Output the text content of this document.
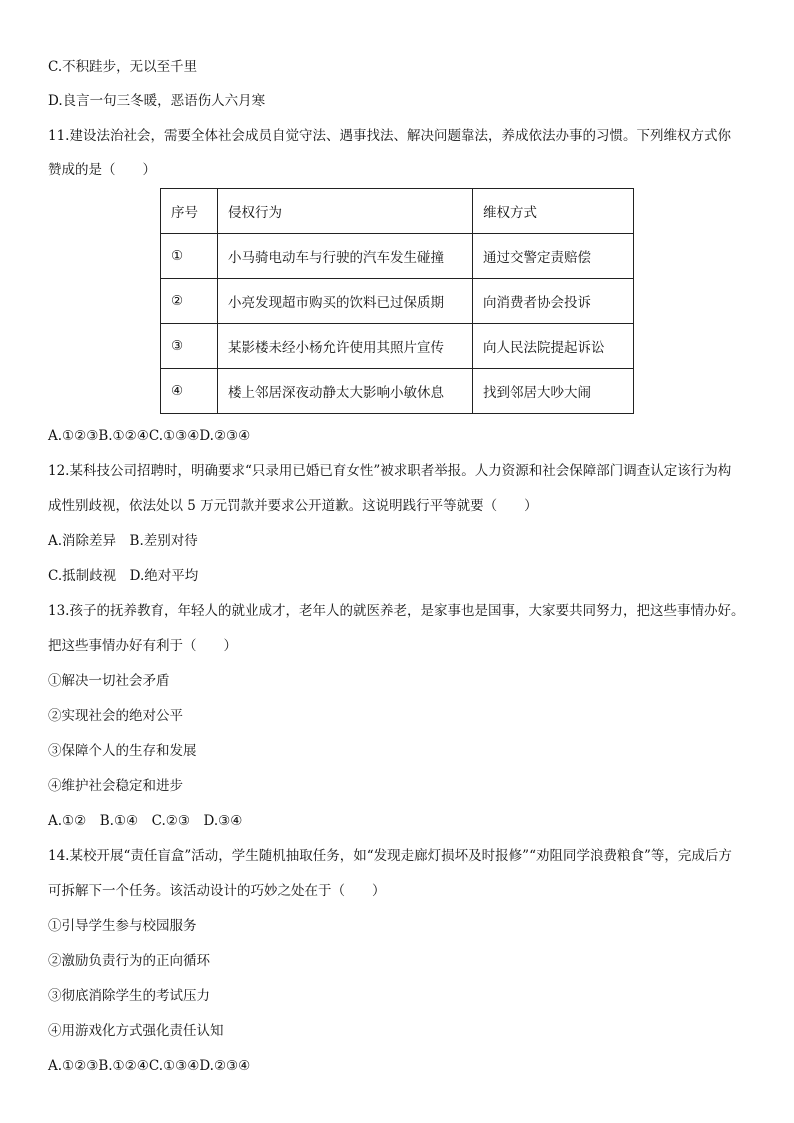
C.不积跬步，无以至千里
D.良言一句三冬暖，恶语伤人六月寒
11.建设法治社会，需要全体社会成员自觉守法、遇事找法、解决问题靠法，养成依法办事的习惯。下列维权方式你
赞成的是（　　）
序号	侵权行为	维权方式
①	小马骑电动车与行驶的汽车发生碰撞	通过交警定责赔偿
②	小亮发现超市购买的饮料已过保质期	向消费者协会投诉
③	某影楼未经小杨允许使用其照片宣传	向人民法院提起诉讼
④	楼上邻居深夜动静太大影响小敏休息	找到邻居大吵大闹
A.①②③B.①②④C.①③④D.②③④
12.某科技公司招聘时，明确要求“只录用已婚已育女性”被求职者举报。人力资源和社会保障部门调查认定该行为构
成性别歧视，依法处以 5 万元罚款并要求公开道歉。这说明践行平等就要（　　）
A.消除差异　B.差别对待
C.抵制歧视　D.绝对平均
13.孩子的抚养教育，年轻人的就业成才，老年人的就医养老，是家事也是国事，大家要共同努力，把这些事情办好。
把这些事情办好有利于（　　）
①解决一切社会矛盾
②实现社会的绝对公平
③保障个人的生存和发展
④维护社会稳定和进步
A.①②　B.①④　C.②③　D.③④
14.某校开展“责任盲盒”活动，学生随机抽取任务，如“发现走廊灯损坏及时报修”“劝阻同学浪费粮食”等，完成后方
可拆解下一个任务。该活动设计的巧妙之处在于（　　）
①引导学生参与校园服务
②激励负责行为的正向循环
③彻底消除学生的考试压力
④用游戏化方式强化责任认知
A.①②③B.①②④C.①③④D.②③④
